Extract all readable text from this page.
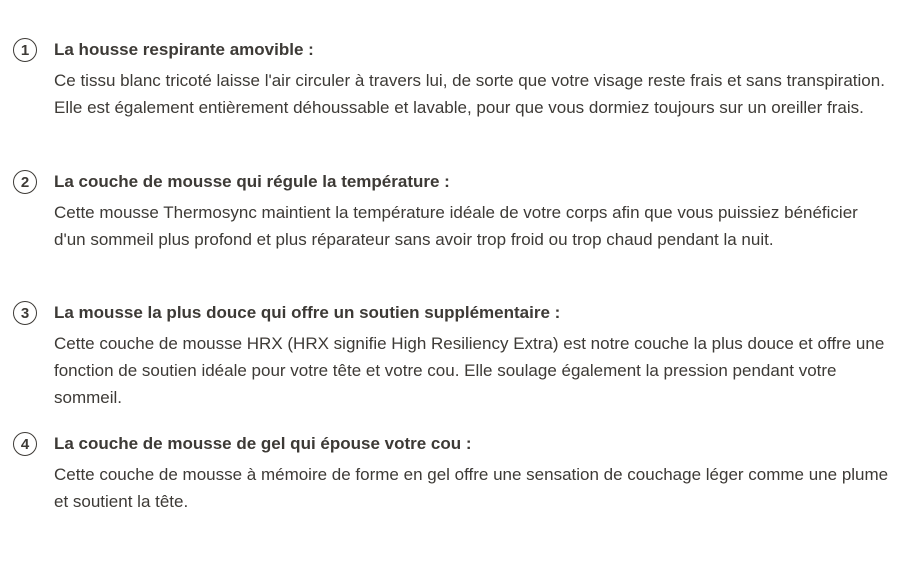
1	La housse respirante amovible :

Ce tissu blanc tricoté laisse l'air circuler à travers lui, de sorte que votre visage reste frais et sans transpiration. Elle est également entièrement déhoussable et lavable, pour que vous dormiez toujours sur un oreiller frais.

2	La couche de mousse qui régule la température :

Cette mousse Thermosync maintient la température idéale de votre corps afin que vous puissiez bénéficier d'un sommeil plus profond et plus réparateur sans avoir trop froid ou trop chaud pendant la nuit.

3	La mousse la plus douce qui offre un soutien supplémentaire :

Cette couche de mousse HRX (HRX signifie High Resiliency Extra) est notre couche la plus douce et offre une fonction de soutien idéale pour votre tête et votre cou. Elle soulage également la pression pendant votre sommeil.

4	La couche de mousse de gel qui épouse votre cou :

Cette couche de mousse à mémoire de forme en gel offre une sensation de couchage léger comme une plume et soutient la tête.
